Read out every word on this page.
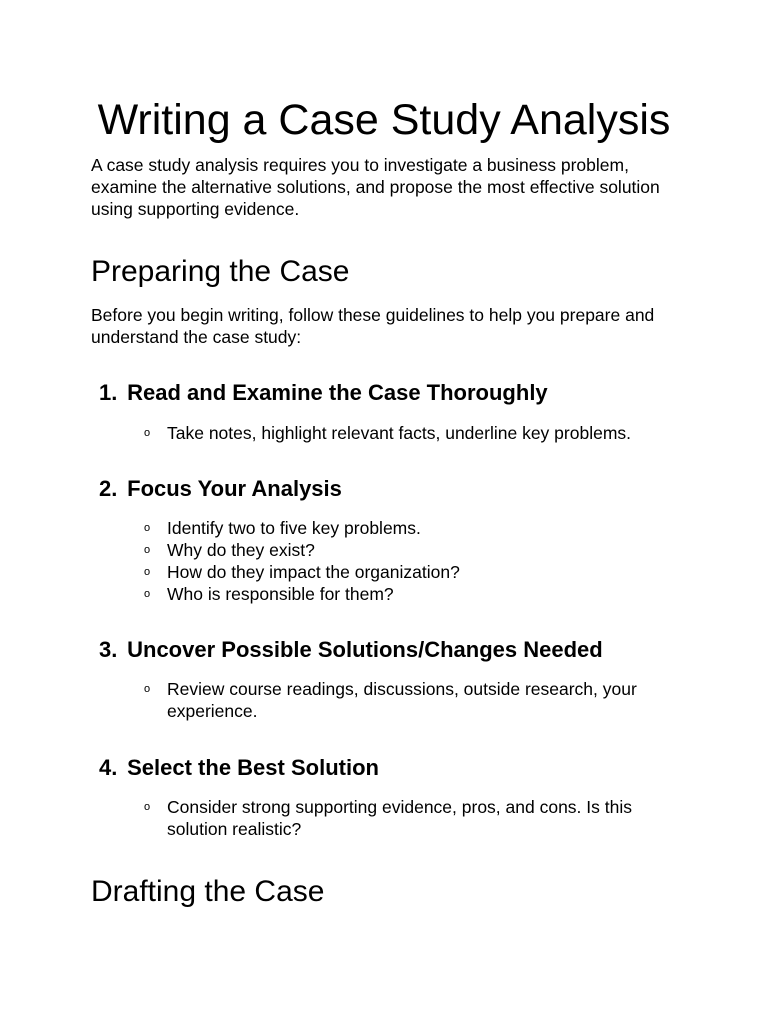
Writing a Case Study Analysis

A case study analysis requires you to investigate a business problem, examine the alternative solutions, and propose the most effective solution using supporting evidence.

Preparing the Case

Before you begin writing, follow these guidelines to help you prepare and understand the case study:

1. Read and Examine the Case Thoroughly
o Take notes, highlight relevant facts, underline key problems.
2. Focus Your Analysis
o Identify two to five key problems.
o Why do they exist?
o How do they impact the organization?
o Who is responsible for them?
3. Uncover Possible Solutions/Changes Needed
o Review course readings, discussions, outside research, your experience.
4. Select the Best Solution
o Consider strong supporting evidence, pros, and cons. Is this solution realistic?
Drafting the Case
